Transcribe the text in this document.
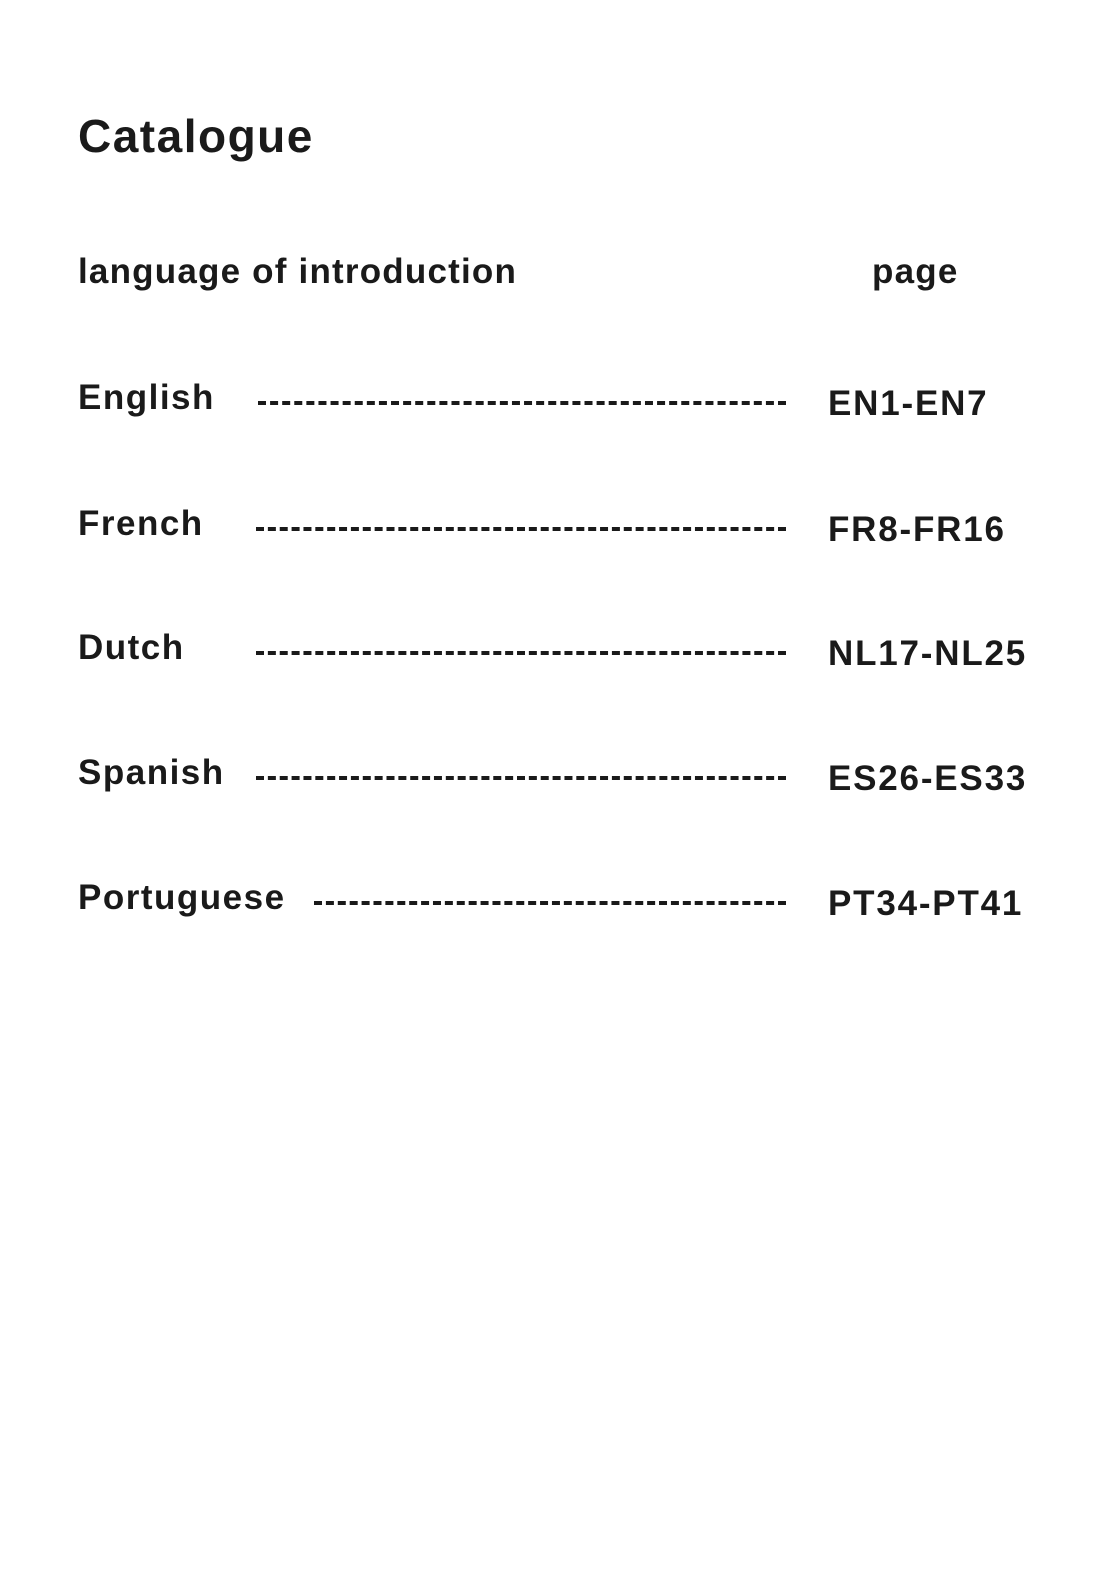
Catalogue
language of introduction	page
English	EN1-EN7
French	FR8-FR16
Dutch	NL17-NL25
Spanish	ES26-ES33
Portuguese	PT34-PT41
